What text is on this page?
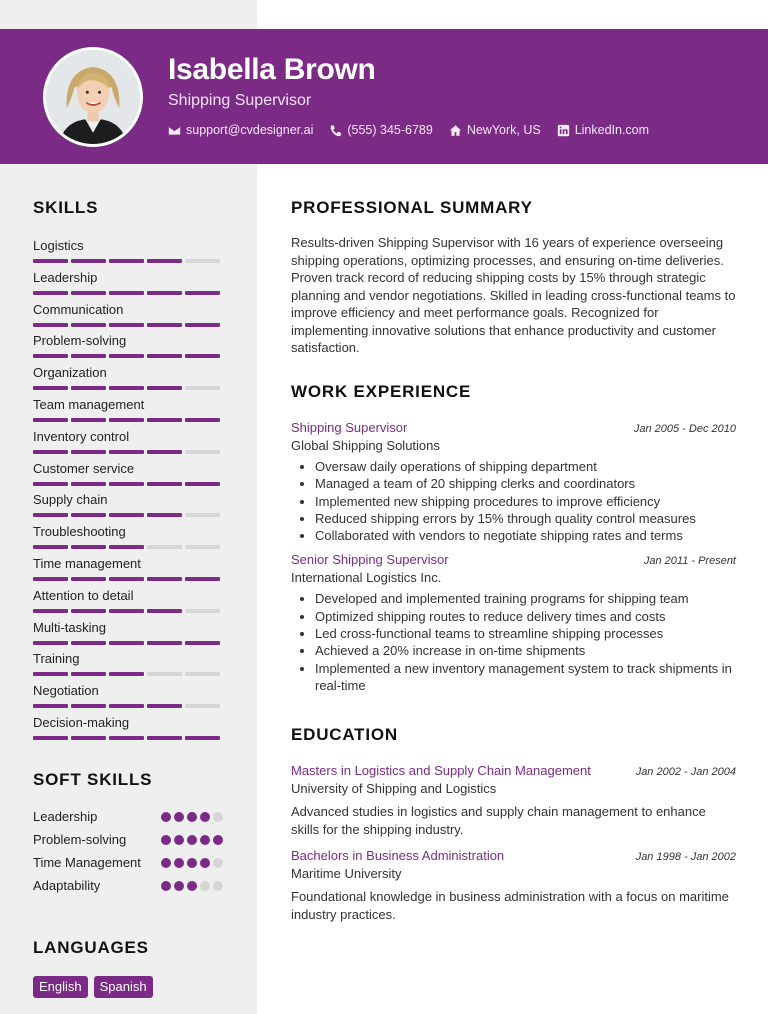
Isabella Brown
Shipping Supervisor
support@cvdesigner.ai	(555) 345-6789	NewYork, US	LinkedIn.com
SKILLS
Logistics
Leadership
Communication
Problem-solving
Organization
Team management
Inventory control
Customer service
Supply chain
Troubleshooting
Time management
Attention to detail
Multi-tasking
Training
Negotiation
Decision-making
SOFT SKILLS
Leadership
Problem-solving
Time Management
Adaptability
LANGUAGES
English	Spanish
PROFESSIONAL SUMMARY

Results-driven Shipping Supervisor with 16 years of experience overseeing shipping operations, optimizing processes, and ensuring on-time deliveries. Proven track record of reducing shipping costs by 15% through strategic planning and vendor negotiations. Skilled in leading cross-functional teams to improve efficiency and meet performance goals. Recognized for implementing innovative solutions that enhance productivity and customer satisfaction.

WORK EXPERIENCE
Shipping Supervisor	Jan 2005 - Dec 2010
Global Shipping Solutions
• Oversaw daily operations of shipping department
• Managed a team of 20 shipping clerks and coordinators
• Implemented new shipping procedures to improve efficiency
• Reduced shipping errors by 15% through quality control measures
• Collaborated with vendors to negotiate shipping rates and terms
Senior Shipping Supervisor	Jan 2011 - Present
International Logistics Inc.
• Developed and implemented training programs for shipping team
• Optimized shipping routes to reduce delivery times and costs
• Led cross-functional teams to streamline shipping processes
• Achieved a 20% increase in on-time shipments
• Implemented a new inventory management system to track shipments in real-time
EDUCATION
Masters in Logistics and Supply Chain Management	Jan 2002 - Jan 2004
University of Shipping and Logistics
Advanced studies in logistics and supply chain management to enhance skills for the shipping industry.
Bachelors in Business Administration	Jan 1998 - Jan 2002
Maritime University
Foundational knowledge in business administration with a focus on maritime industry practices.
